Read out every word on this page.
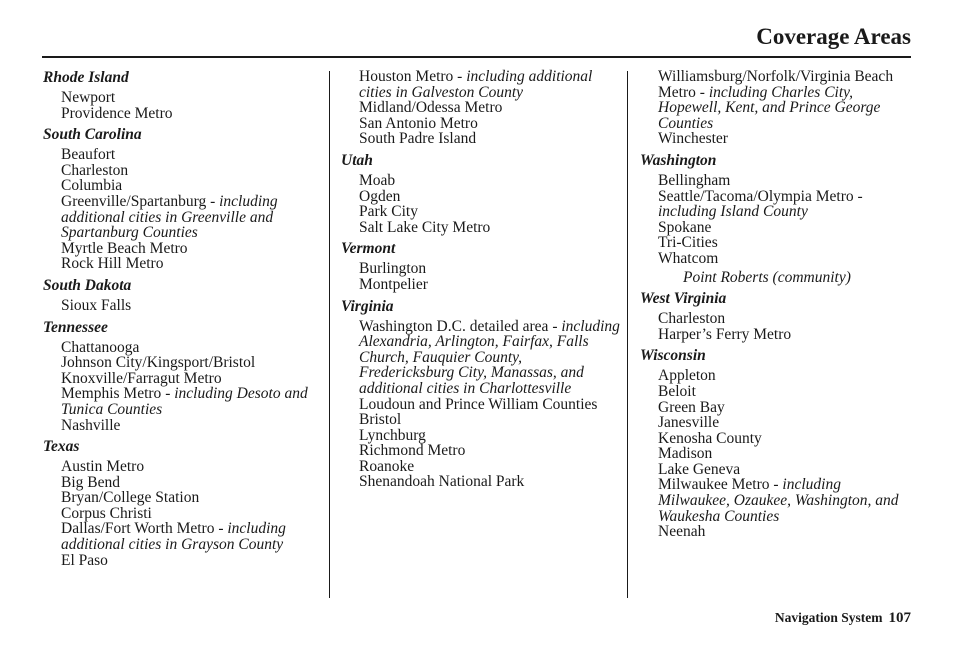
Coverage Areas
Rhode Island
Newport
Providence Metro
South Carolina
Beaufort
Charleston
Columbia
Greenville/Spartanburg - including additional cities in Greenville and Spartanburg Counties
Myrtle Beach Metro
Rock Hill Metro
South Dakota
Sioux Falls
Tennessee
Chattanooga
Johnson City/Kingsport/Bristol
Knoxville/Farragut Metro
Memphis Metro - including Desoto and Tunica Counties
Nashville
Texas
Austin Metro
Big Bend
Bryan/College Station
Corpus Christi
Dallas/Fort Worth Metro - including additional cities in Grayson County
El Paso
Houston Metro - including additional cities in Galveston County
Midland/Odessa Metro
San Antonio Metro
South Padre Island
Utah
Moab
Ogden
Park City
Salt Lake City Metro
Vermont
Burlington
Montpelier
Virginia
Washington D.C. detailed area - including Alexandria, Arlington, Fairfax, Falls Church, Fauquier County, Fredericksburg City, Manassas, and additional cities in Charlottesville
Loudoun and Prince William Counties
Bristol
Lynchburg
Richmond Metro
Roanoke
Shenandoah National Park
Williamsburg/Norfolk/Virginia Beach Metro - including Charles City, Hopewell, Kent, and Prince George Counties
Winchester
Washington
Bellingham
Seattle/Tacoma/Olympia Metro - including Island County
Spokane
Tri-Cities
Whatcom
Point Roberts (community)
West Virginia
Charleston
Harper’s Ferry Metro
Wisconsin
Appleton
Beloit
Green Bay
Janesville
Kenosha County
Madison
Lake Geneva
Milwaukee Metro - including Milwaukee, Ozaukee, Washington, and Waukesha Counties
Neenah
Navigation System 107
